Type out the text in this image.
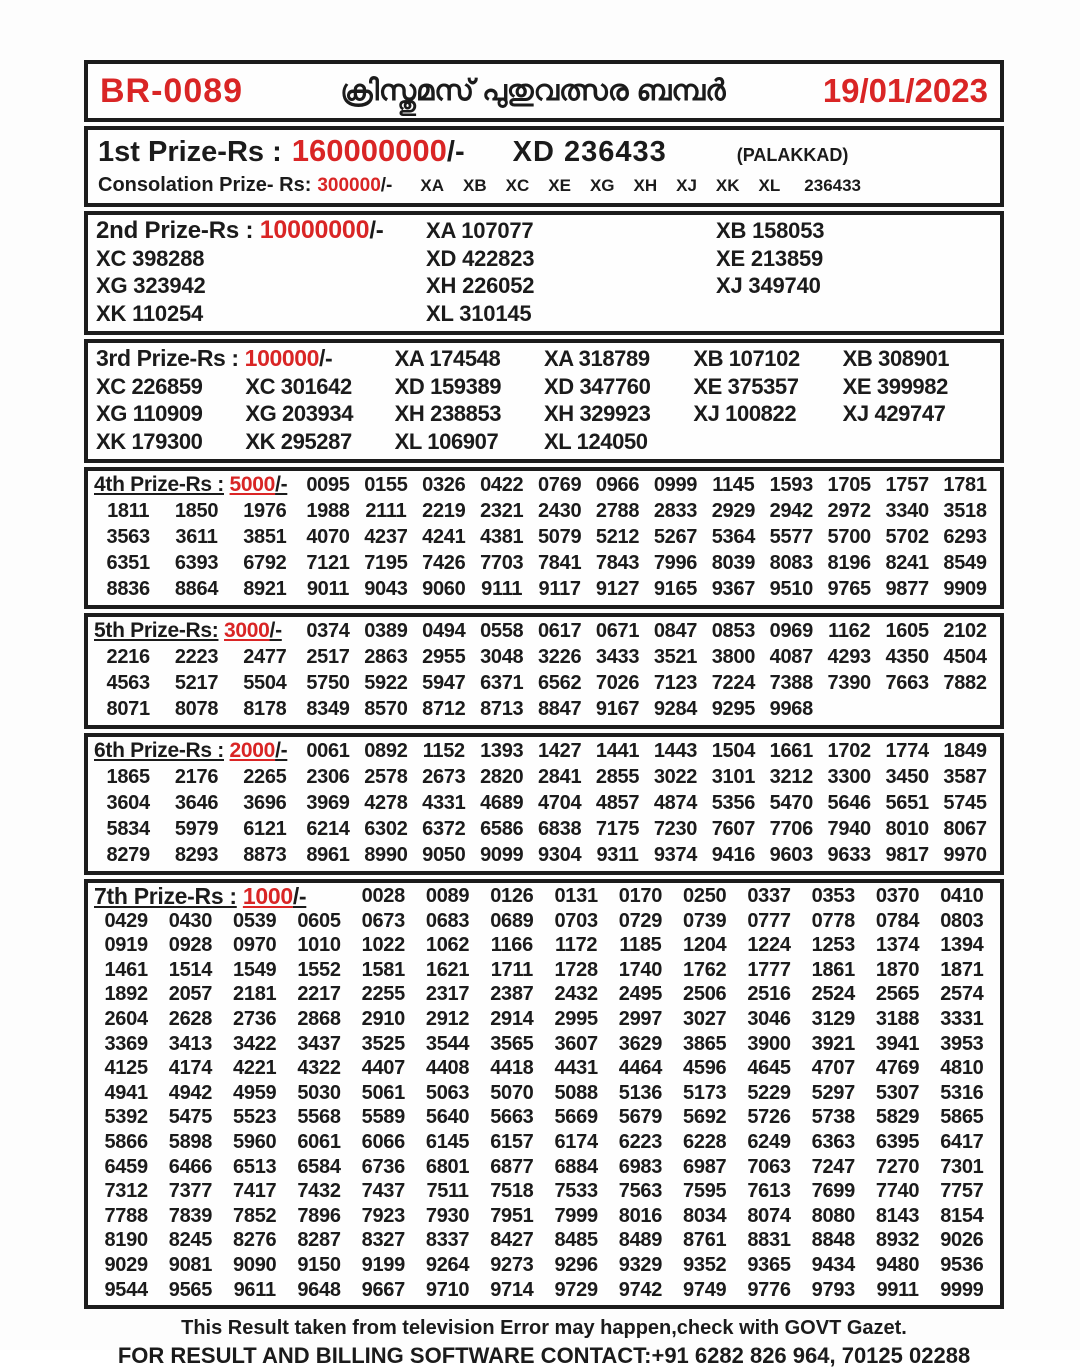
BR-0089	ക്രിസ്തുമസ് പുതുവത്സര ബമ്പർ	19/01/2023
1st Prize-Rs : 160000000 /- XD 236433	(PALAKKAD)
Consolation Prize- Rs: 300000 /- XA XB XC XE XG XH XJ XK XL 236433
2nd Prize-Rs : 10000000/-	XA 107077	XB 158053
XC 398288	XD 422823	XE 213859
XG 323942	XH 226052	XJ 349740
XK 110254	XL 310145
3rd Prize-Rs : 100000/-	XA 174548	XA 318789	XB 107102	XB 308901
XC 226859	XC 301642	XD 159389	XD 347760	XE 375357	XE 399982
XG 110909	XG 203934	XH 238853	XH 329923	XJ 100822	XJ 429747
XK 179300	XK 295287	XL 106907	XL 124050
4th Prize-Rs : 5000/- 0095 0155 0326 0422 0769 0966 0999 1145 1593 1705 1757 1781
1811	1850	1976 1988 2111 2219 2321 2430 2788 2833 2929 2942 2972 3340 3518
3563	3611	3851 4070 4237 4241 4381 5079 5212 5267 5364 5577 5700 5702 6293
6351	6393	6792 7121 7195 7426 7703 7841 7843 7996 8039 8083 8196 8241 8549
8836	8864	8921	9011 9043 9060 9111 9117 9127 9165 9367 9510 9765 9877 9909
5th Prize-Rs: 3000/-	0374 0389 0494 0558 0617 0671 0847 0853 0969 1162 1605 2102
2216	2223	2477 2517 2863 2955 3048 3226 3433 3521 3800 4087 4293 4350 4504
4563	5217	5504 5750 5922 5947 6371 6562 7026 7123 7224 7388 7390 7663 7882
8071	8078	8178 8349 8570 8712 8713 8847 9167 9284 9295 9968
6th Prize-Rs : 2000/- 0061 0892 1152 1393 1427 1441 1443 1504 1661 1702 1774 1849
1865	2176	2265 2306 2578 2673 2820 2841 2855 3022 3101 3212 3300 3450 3587
3604	3646	3696 3969 4278 4331 4689 4704 4857 4874 5356 5470 5646 5651 5745
5834	5979	6121 6214 6302 6372 6586 6838 7175 7230 7607 7706 7940 8010 8067
8279	8293	8873 8961 8990 9050 9099 9304 9311 9374 9416 9603 9633 9817 9970
7th Prize-Rs : 1000/-	0028	0089	0126	0131	0170	0250	0337	0353	0370	0410
0429	0430	0539	0605	0673	0683	0689	0703	0729	0739	0777	0778	0784	0803
0919	0928	0970	1010	1022	1062	1166	1172	1185	1204	1224	1253	1374	1394
1461	1514	1549	1552	1581	1621	1711	1728	1740	1762	1777	1861	1870	1871
1892	2057	2181	2217	2255	2317	2387	2432	2495	2506	2516	2524	2565	2574
2604	2628	2736	2868	2910	2912	2914	2995	2997	3027	3046	3129	3188	3331
3369	3413	3422	3437	3525	3544	3565	3607	3629	3865	3900	3921	3941	3953
4125	4174	4221	4322	4407	4408	4418	4431	4464	4596	4645	4707	4769	4810
4941	4942	4959	5030	5061	5063	5070	5088	5136	5173	5229	5297	5307	5316
5392	5475	5523	5568	5589	5640	5663	5669	5679	5692	5726	5738	5829	5865
5866	5898	5960	6061	6066	6145	6157	6174	6223	6228	6249	6363	6395	6417
6459	6466	6513	6584	6736	6801	6877	6884	6983	6987	7063	7247	7270	7301
7312	7377	7417	7432	7437	7511	7518	7533	7563	7595	7613	7699	7740	7757
7788	7839	7852	7896	7923	7930	7951	7999	8016	8034	8074	8080	8143	8154
8190	8245	8276	8287	8327	8337	8427	8485	8489	8761	8831	8848	8932	9026
9029	9081	9090	9150	9199	9264	9273	9296	9329	9352	9365	9434	9480	9536
9544	9565	9611	9648	9667	9710	9714	9729	9742	9749	9776	9793	9911	9999
This Result taken from television Error may happen,check with GOVT Gazet.
FOR RESULT AND BILLING SOFTWARE CONTACT:+91 6282 826 964, 70125 02288
